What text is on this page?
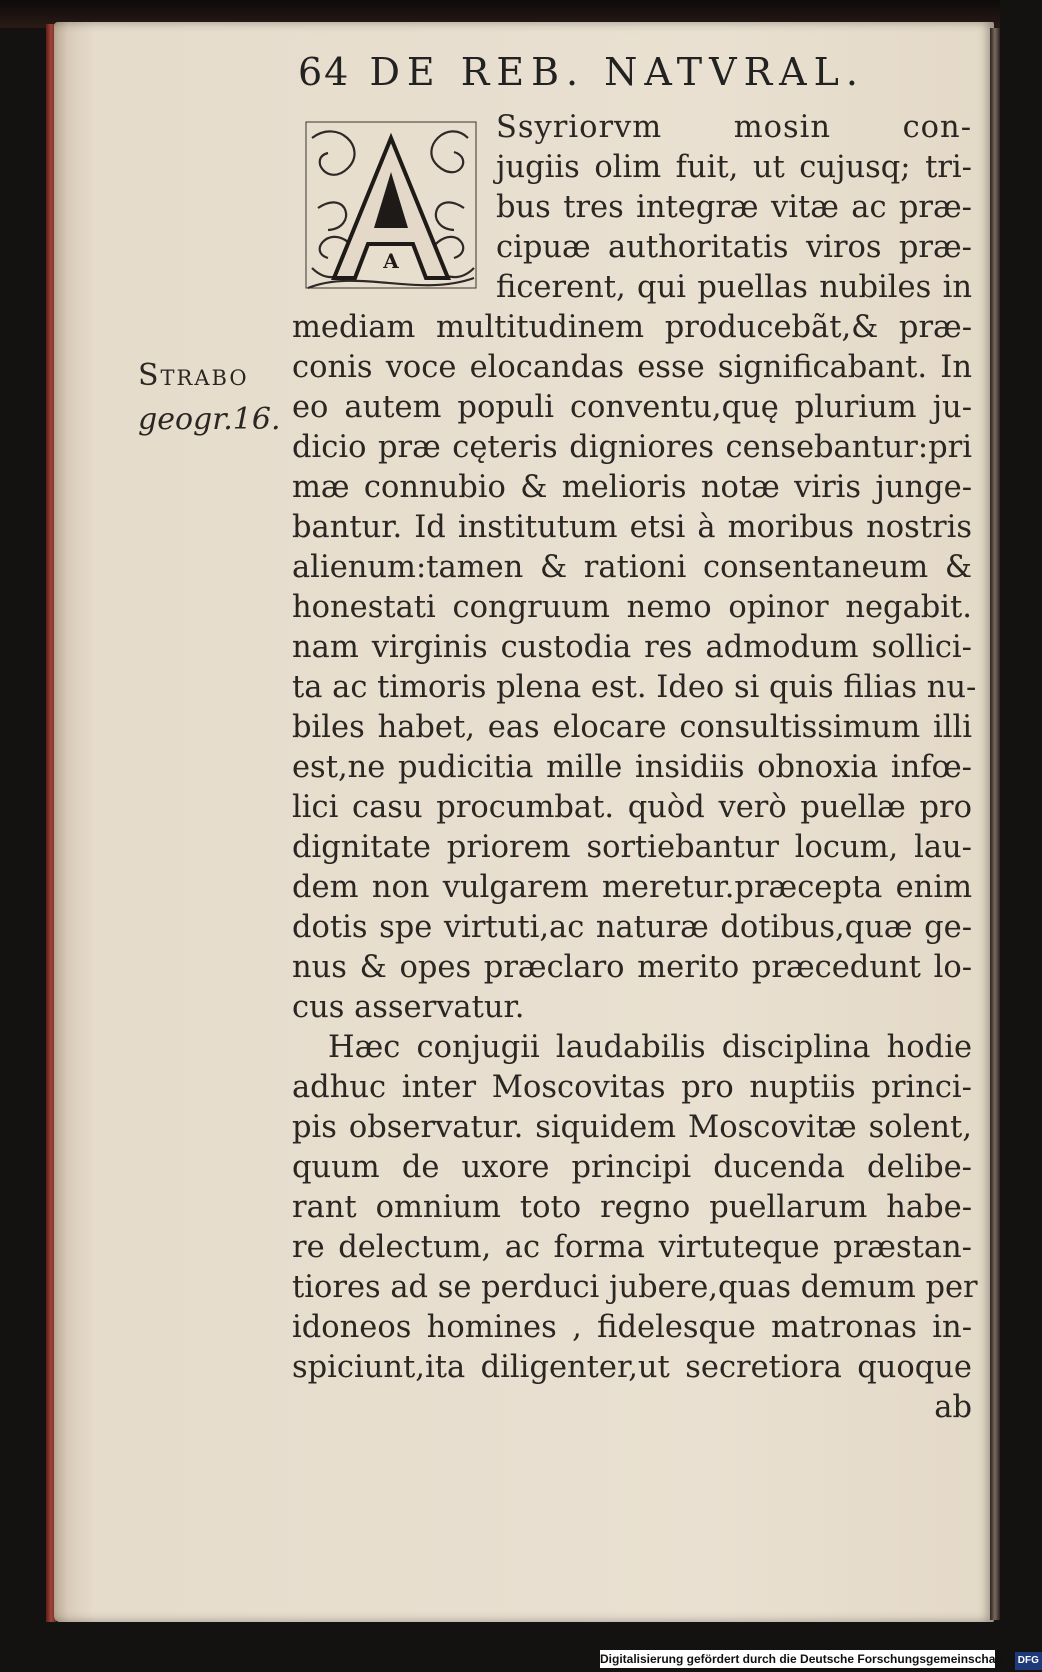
64 DE REB. NATVRAL.
A
Ssyriorvm mosin con-
jugiis olim fuit, ut cujusq; tri-
bus tres integræ vitæ ac præ-
cipuæ authoritatis viros præ-
ficerent, qui puellas nubiles in
mediam multitudinem producebãt,& præ-
conis voce elocandas esse significabant. In
eo autem populi conventu,quę plurium ju-
dicio præ cęteris digniores censebantur:pri
mæ connubio & melioris notæ viris junge-
bantur. Id institutum etsi à moribus nostris
alienum:tamen & rationi consentaneum &
honestati congruum nemo opinor negabit.
nam virginis custodia res admodum sollici-
ta ac timoris plena est. Ideo si quis filias nu-
biles habet, eas elocare consultissimum illi
est,ne pudicitia mille insidiis obnoxia infœ-
lici casu procumbat. quòd verò puellæ pro
dignitate priorem sortiebantur locum, lau-
dem non vulgarem meretur.præcepta enim
dotis spe virtuti,ac naturæ dotibus,quæ ge-
nus & opes præclaro merito præcedunt lo-
cus asservatur.
Hæc conjugii laudabilis disciplina hodie
adhuc inter Moscovitas pro nuptiis princi-
pis observatur. siquidem Moscovitæ solent,
quum de uxore principi ducenda delibe-
rant omnium toto regno puellarum habe-
re delectum, ac forma virtuteque præstan-
tiores ad se perduci jubere,quas demum per
idoneos homines , fidelesque matronas in-
spiciunt,ita diligenter,ut secretiora quoque
ab
Strabo
geogr.16.
Digitalisierung gefördert durch die Deutsche Forschungsgemeinschaft - DFG
